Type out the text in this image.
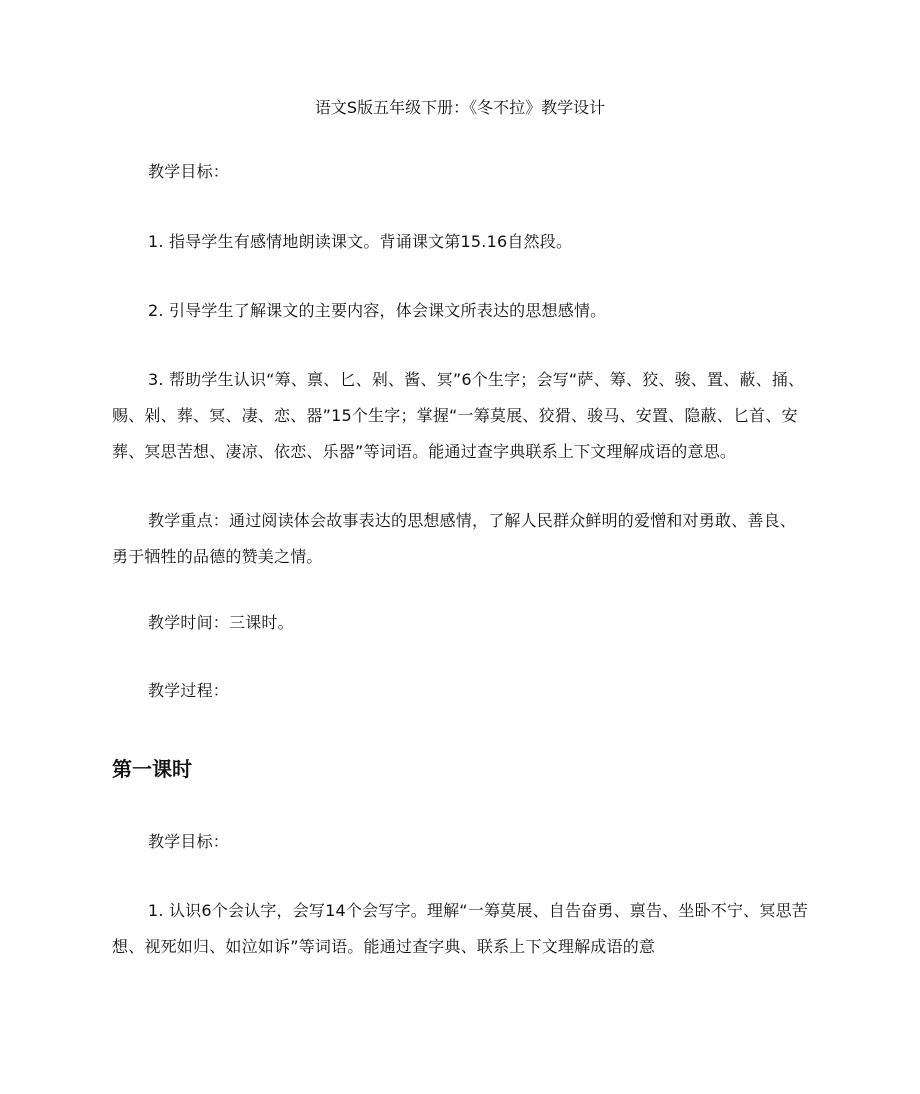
语文S版五年级下册：《冬不拉》教学设计

教学目标：

1. 指导学生有感情地朗读课文。背诵课文第15.16自然段。

2. 引导学生了解课文的主要内容，体会课文所表达的思想感情。

3. 帮助学生认识“筹、禀、匕、剁、酱、冥”6个生字；会写“萨、筹、狡、骏、置、蔽、捅、赐、剁、葬、冥、凄、恋、器”15个生字；掌握“一筹莫展、狡猾、骏马、安置、隐蔽、匕首、安葬、冥思苦想、凄凉、依恋、乐器”等词语。能通过查字典联系上下文理解成语的意思。

教学重点：通过阅读体会故事表达的思想感情，了解人民群众鲜明的爱憎和对勇敢、善良、勇于牺牲的品德的赞美之情。

教学时间：三课时。

教学过程：

第一课时

教学目标：

1. 认识6个会认字，会写14个会写字。理解“一筹莫展、自告奋勇、禀告、坐卧不宁、冥思苦想、视死如归、如泣如诉”等词语。能通过查字典、联系上下文理解成语的意
